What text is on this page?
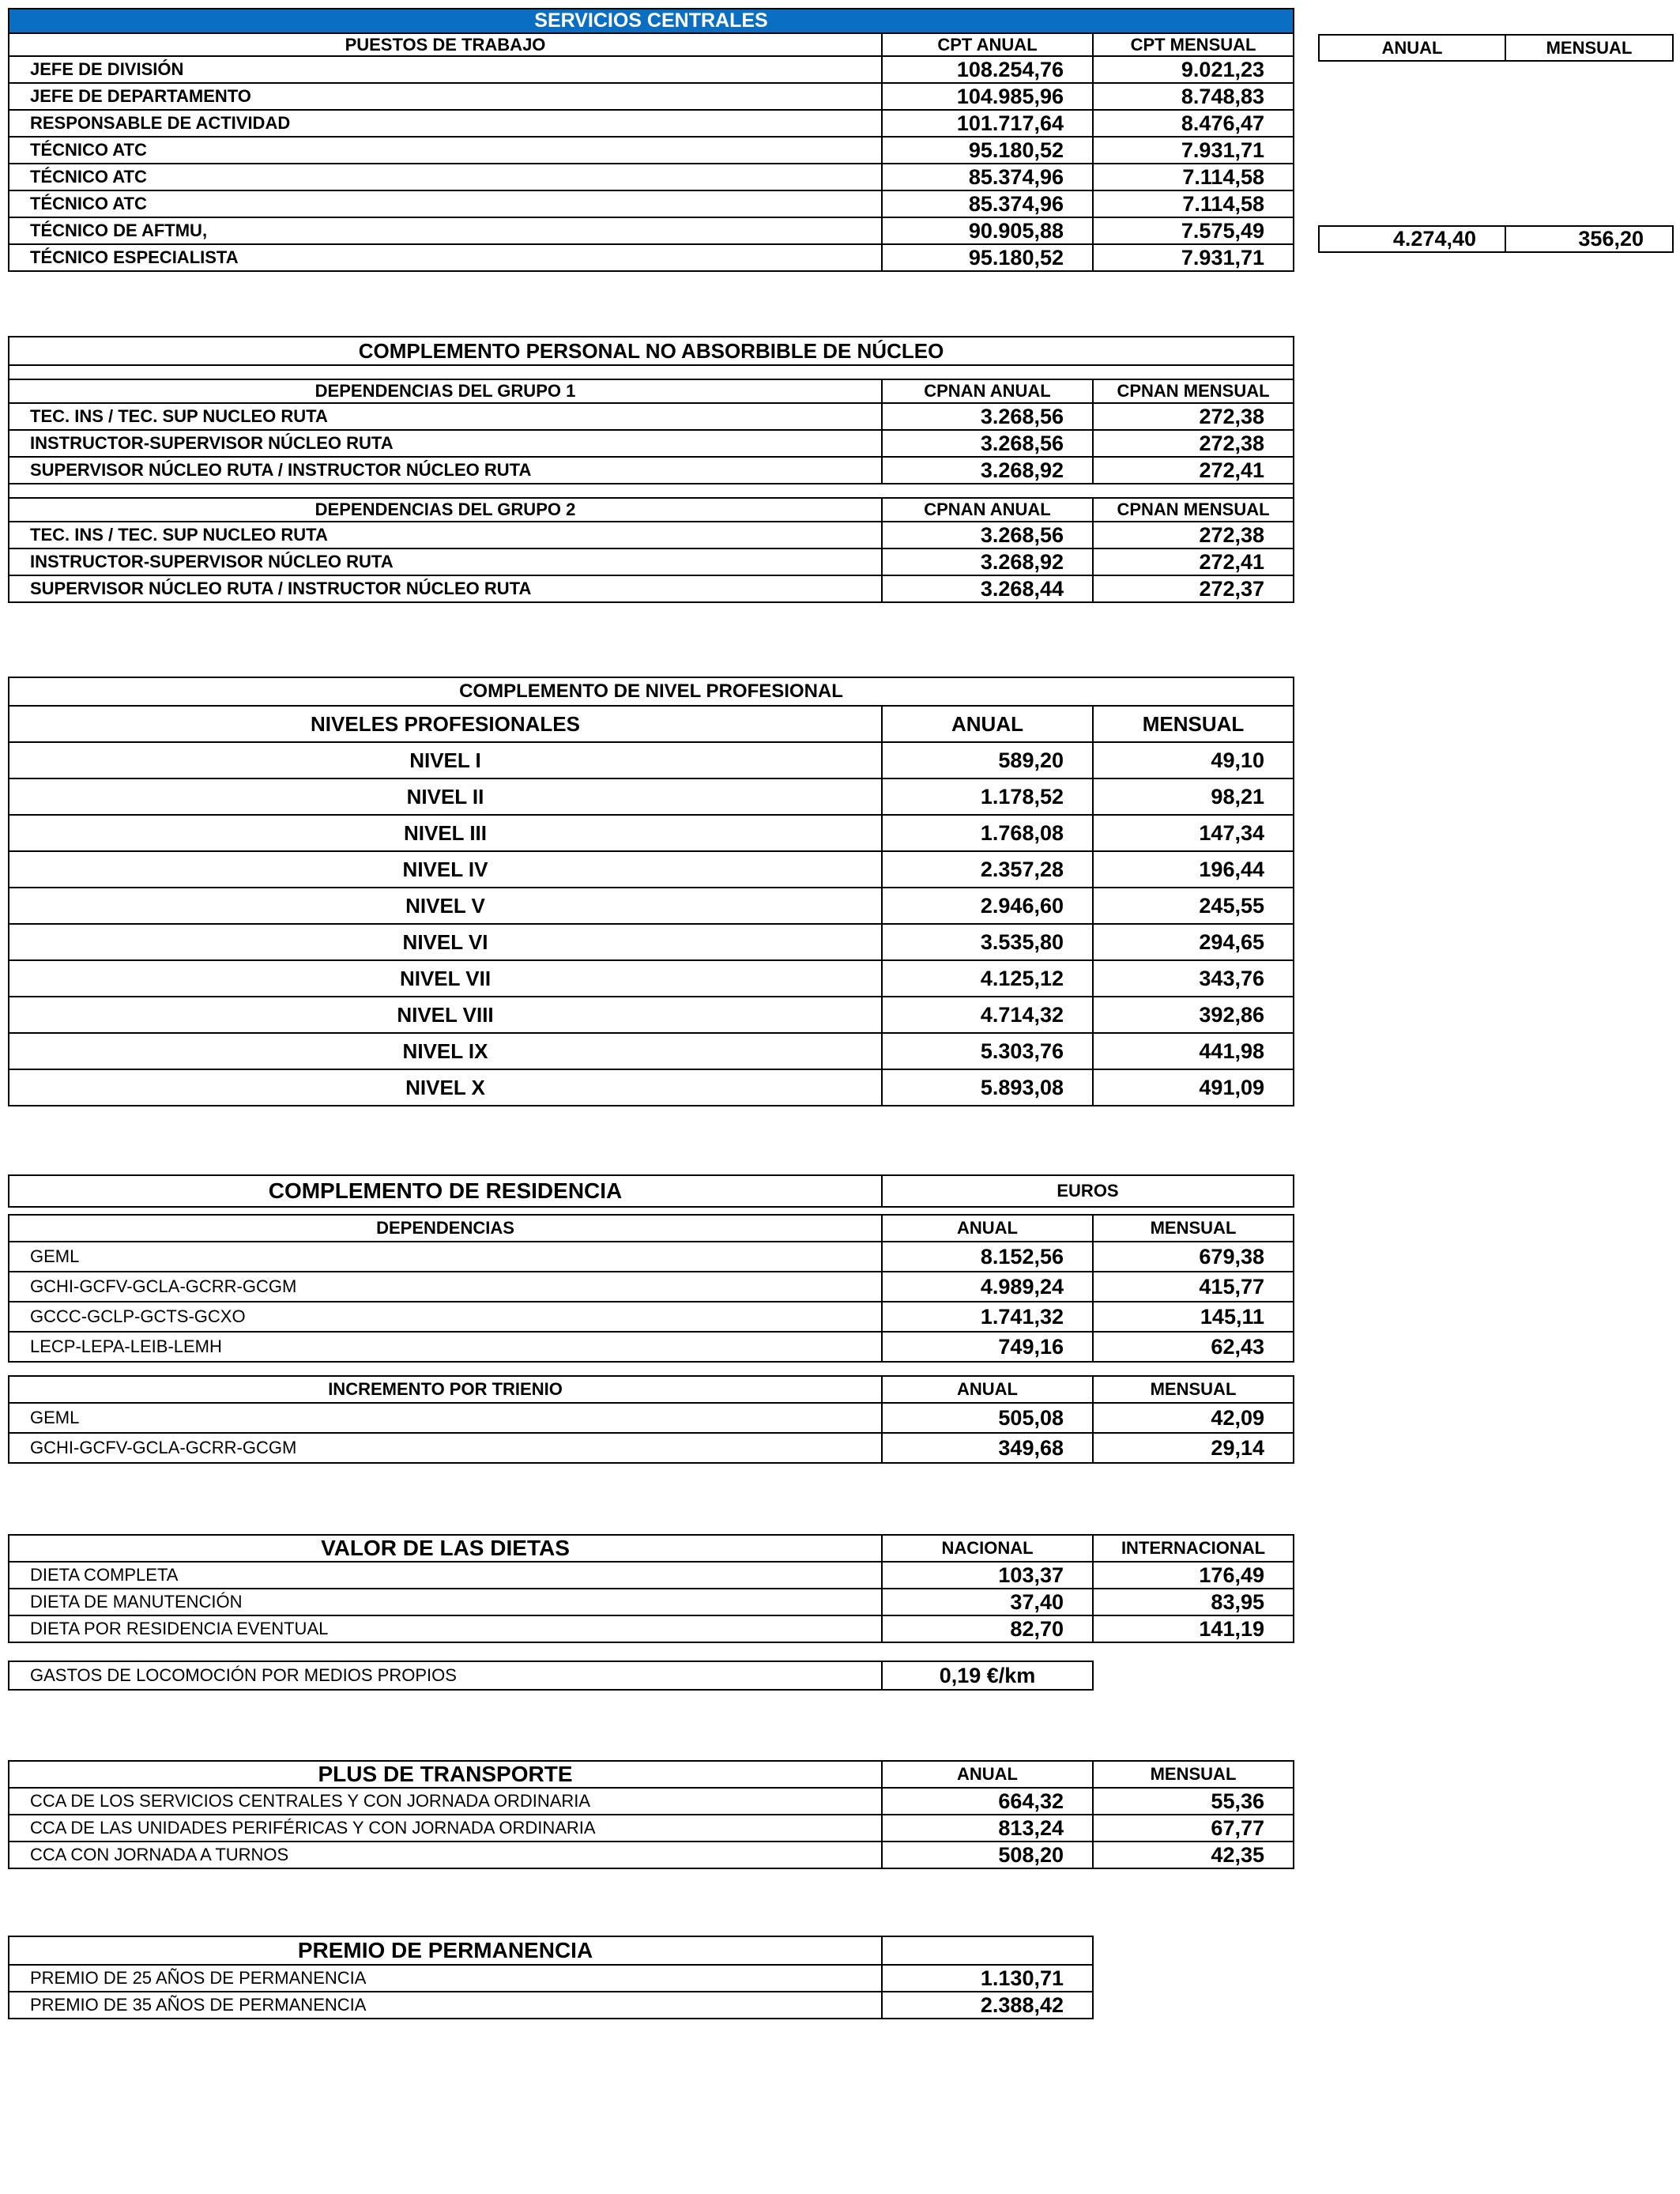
SERVICIOS CENTRALES		
PUESTOS DE TRABAJO	CPT ANUAL	CPT MENSUAL
JEFE DE DIVISIÓN	108.254,76	9.021,23
JEFE DE DEPARTAMENTO	104.985,96	8.748,83
RESPONSABLE DE ACTIVIDAD	101.717,64	8.476,47
TÉCNICO ATC	95.180,52	7.931,71
TÉCNICO ATC	85.374,96	7.114,58
TÉCNICO ATC	85.374,96	7.114,58
TÉCNICO DE AFTMU,	90.905,88	7.575,49
TÉCNICO ESPECIALISTA	95.180,52	7.931,71
ANUAL	MENSUAL
4.274,40	356,20
COMPLEMENTO PERSONAL NO ABSORBIBLE DE NÚCLEO		

DEPENDENCIAS DEL GRUPO 1	CPNAN ANUAL	CPNAN MENSUAL
TEC. INS / TEC. SUP NUCLEO RUTA	3.268,56	272,38
INSTRUCTOR-SUPERVISOR NÚCLEO RUTA	3.268,56	272,38
SUPERVISOR NÚCLEO RUTA / INSTRUCTOR NÚCLEO RUTA	3.268,92	272,41

DEPENDENCIAS DEL GRUPO 2	CPNAN ANUAL	CPNAN MENSUAL
TEC. INS / TEC. SUP NUCLEO RUTA	3.268,56	272,38
INSTRUCTOR-SUPERVISOR NÚCLEO RUTA	3.268,92	272,41
SUPERVISOR NÚCLEO RUTA / INSTRUCTOR NÚCLEO RUTA	3.268,44	272,37
COMPLEMENTO DE NIVEL PROFESIONAL		
NIVELES PROFESIONALES	ANUAL	MENSUAL
NIVEL I	589,20	49,10
NIVEL II	1.178,52	98,21
NIVEL III	1.768,08	147,34
NIVEL IV	2.357,28	196,44
NIVEL V	2.946,60	245,55
NIVEL VI	3.535,80	294,65
NIVEL VII	4.125,12	343,76
NIVEL VIII	4.714,32	392,86
NIVEL IX	5.303,76	441,98
NIVEL X	5.893,08	491,09
COMPLEMENTO DE RESIDENCIA	EUROS
DEPENDENCIAS	ANUAL	MENSUAL
GEML	8.152,56	679,38
GCHI-GCFV-GCLA-GCRR-GCGM	4.989,24	415,77
GCCC-GCLP-GCTS-GCXO	1.741,32	145,11
LECP-LEPA-LEIB-LEMH	749,16	62,43
INCREMENTO POR TRIENIO	ANUAL	MENSUAL
GEML	505,08	42,09
GCHI-GCFV-GCLA-GCRR-GCGM	349,68	29,14
VALOR DE LAS DIETAS	NACIONAL	INTERNACIONAL
DIETA COMPLETA	103,37	176,49
DIETA DE MANUTENCIÓN	37,40	83,95
DIETA POR RESIDENCIA EVENTUAL	82,70	141,19
GASTOS DE LOCOMOCIÓN POR MEDIOS PROPIOS	0,19 €/km
PLUS DE TRANSPORTE	ANUAL	MENSUAL
CCA DE LOS SERVICIOS CENTRALES Y CON JORNADA ORDINARIA	664,32	55,36
CCA DE LAS UNIDADES PERIFÉRICAS Y CON JORNADA ORDINARIA	813,24	67,77
CCA CON JORNADA A TURNOS	508,20	42,35
PREMIO DE PERMANENCIA	
PREMIO DE 25 AÑOS DE PERMANENCIA	1.130,71
PREMIO DE 35 AÑOS DE PERMANENCIA	2.388,42
